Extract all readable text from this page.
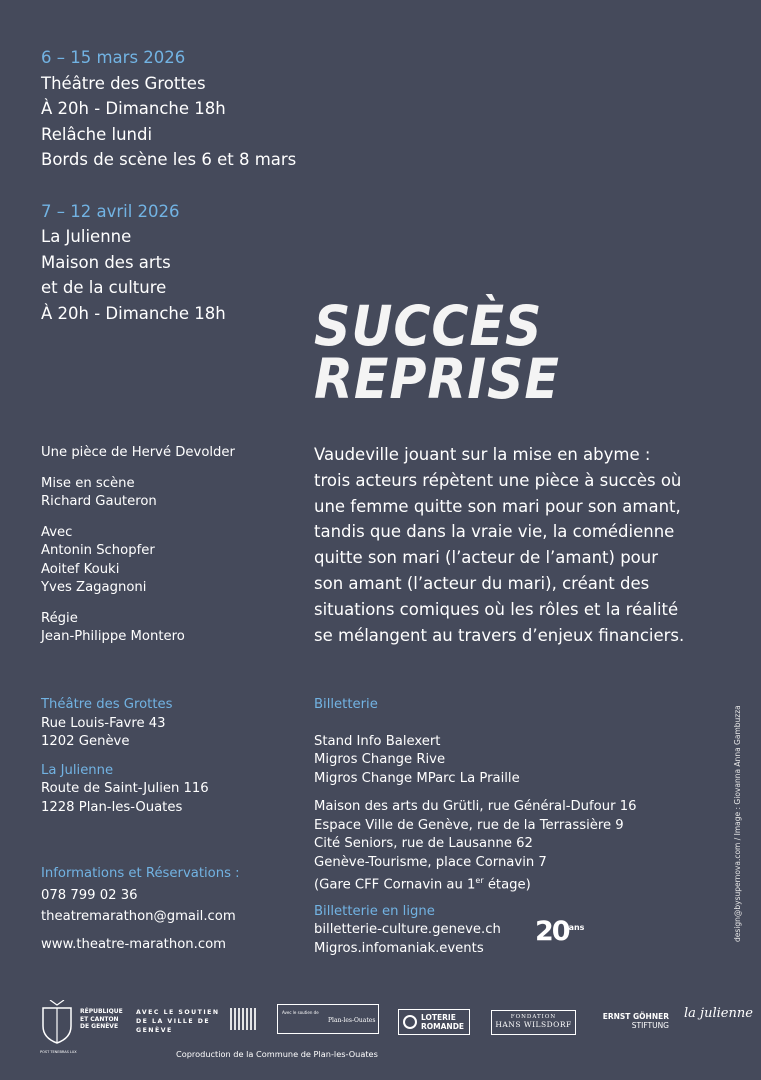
6 – 15 mars 2026
Théâtre des Grottes
À 20h - Dimanche 18h
Relâche lundi
Bords de scène les 6 et 8 mars
7 – 12 avril 2026
La Julienne
Maison des arts
et de la culture
À 20h - Dimanche 18h	SUCCÈS
REPRISE
Une pièce de Hervé Devolder
Mise en scène
Richard Gauteron
Avec
Antonin Schopfer
Aoitef Kouki
Yves Zagagnoni
Régie
Jean-Philippe Montero
Vaudeville jouant sur la mise en abyme :
trois acteurs répètent une pièce à succès où
une femme quitte son mari pour son amant,
tandis que dans la vraie vie, la comédienne
quitte son mari (l’acteur de l’amant) pour
son amant (l’acteur du mari), créant des
situations comiques où les rôles et la réalité
se mélangent au travers d’enjeux financiers.
Théâtre des Grottes
Rue Louis-Favre 43
1202 Genève
La Julienne
Route de Saint-Julien 116
1228 Plan-les-Ouates
Informations et Réservations :
078 799 02 36
theatremarathon@gmail.com
www.theatre-marathon.com
Billetterie
Stand Info Balexert
Migros Change Rive
Migros Change MParc La Praille
Maison des arts du Grütli, rue Général-Dufour 16
Espace Ville de Genève, rue de la Terrassière 9
Cité Seniors, rue de Lausanne 62
Genève-Tourisme, place Cornavin 7
(Gare CFF Cornavin au 1er étage)
Billetterie en ligne
billetterie-culture.geneve.ch
Migros.infomaniak.events
$20^{ans}$	design@bysupernova.com / Image : Giovanna Anna Gambuzza
RÉPUBLIQUE ET CANTON DE GENÈVE
POST TENEBRAS LUX
AVEC LE SOUTIEN DE LA VILLE DE GENÈVE
Avec le soutien de
Plan-les-Ouates	LOTERIE ROMANDE
FONDATION
HANS WILSDORF
ERNST GÖHNER
STIFTUNG
la julienne
Coproduction de la Commune de Plan-les-Ouates
